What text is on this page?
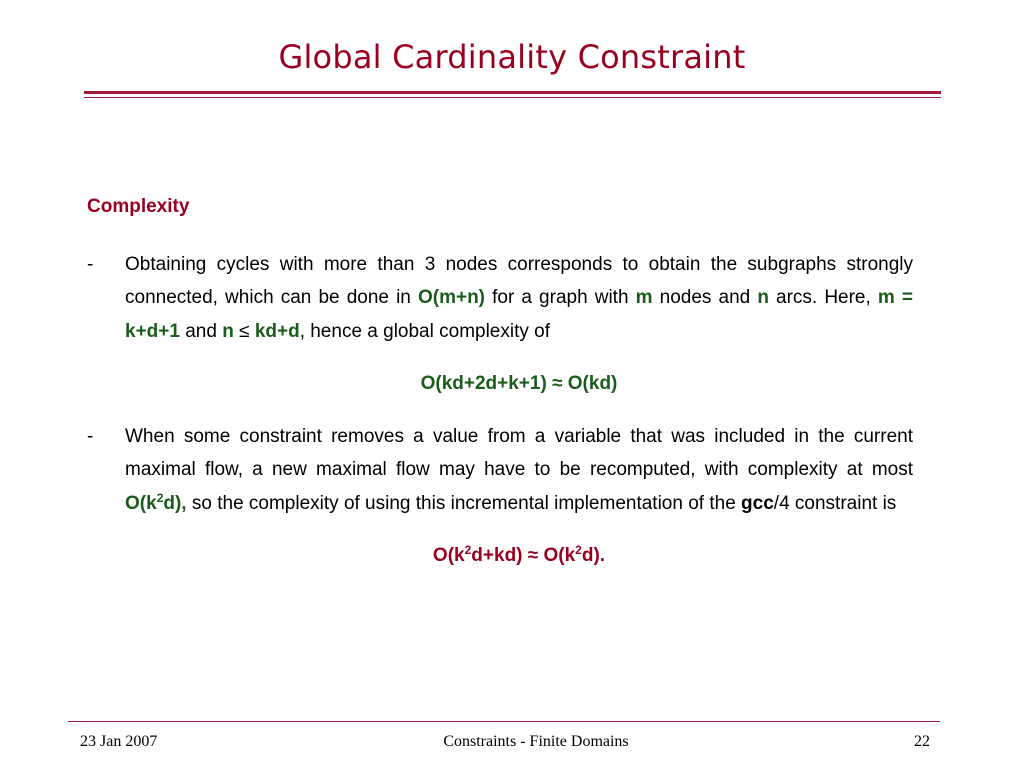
Global Cardinality Constraint
Complexity
-	Obtaining cycles with more than 3 nodes corresponds to obtain the subgraphs strongly connected, which can be done in O(m+n) for a graph with m nodes and n arcs. Here, m = k+d+1 and n ≤ kd+d, hence a global complexity of
O(kd+2d+k+1) ≈ O(kd)
-	When some constraint removes a value from a variable that was included in the current maximal flow, a new maximal flow may have to be recomputed, with complexity at most $O(k^2d)$, so the complexity of using this incremental implementation of the gcc/4 constraint is
$O(k^2d+kd) \approx O(k^2d)$.
23 Jan 2007	Constraints - Finite Domains	22
